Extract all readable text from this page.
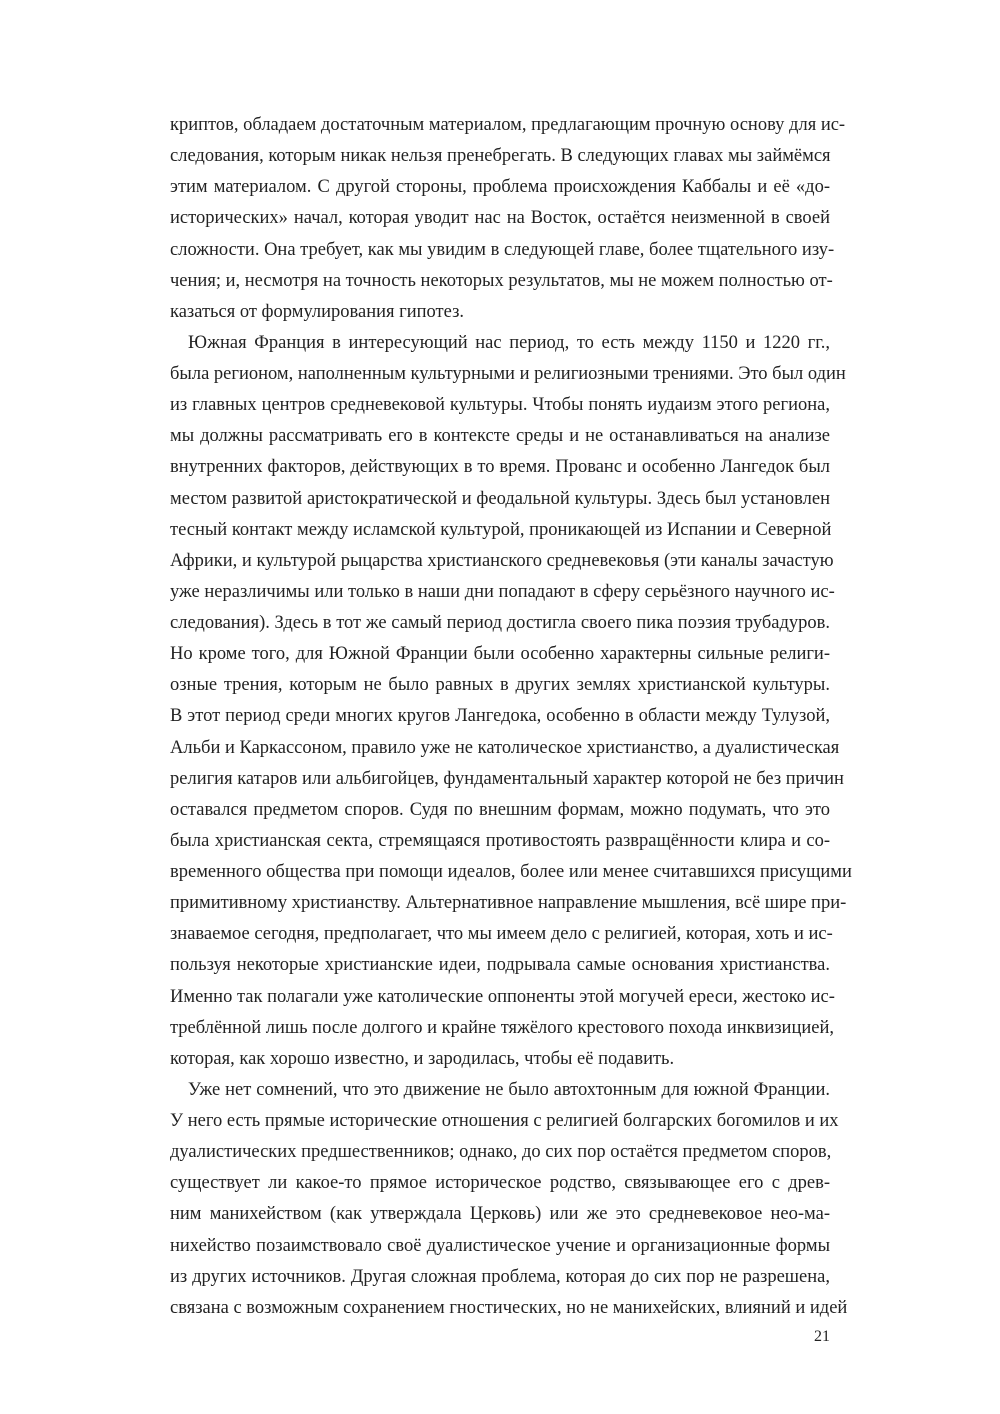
криптов, обладаем достаточным материалом, предлагающим прочную основу для ис-
следования, которым никак нельзя пренебрегать. В следующих главах мы займёмся
этим материалом. С другой стороны, проблема происхождения Каббалы и её «до-
исторических» начал, которая уводит нас на Восток, остаётся неизменной в своей
сложности. Она требует, как мы увидим в следующей главе, более тщательного изу-
чения; и, несмотря на точность некоторых результатов, мы не можем полностью от-
казаться от формулирования гипотез.
Южная Франция в интересующий нас период, то есть между 1150 и 1220 гг.,
была регионом, наполненным культурными и религиозными трениями. Это был один
из главных центров средневековой культуры. Чтобы понять иудаизм этого региона,
мы должны рассматривать его в контексте среды и не останавливаться на анализе
внутренних факторов, действующих в то время. Прованс и особенно Лангедок был
местом развитой аристократической и феодальной культуры. Здесь был установлен
тесный контакт между исламской культурой, проникающей из Испании и Северной
Африки, и культурой рыцарства христианского средневековья (эти каналы зачастую
уже неразличимы или только в наши дни попадают в сферу серьёзного научного ис-
следования). Здесь в тот же самый период достигла своего пика поэзия трубадуров.
Но кроме того, для Южной Франции были особенно характерны сильные религи-
озные трения, которым не было равных в других землях христианской культуры.
В этот период среди многих кругов Лангедока, особенно в области между Тулузой,
Альби и Каркассоном, правило уже не католическое христианство, а дуалистическая
религия катаров или альбигойцев, фундаментальный характер которой не без причин
оставался предметом споров. Судя по внешним формам, можно подумать, что это
была христианская секта, стремящаяся противостоять развращённости клира и со-
временного общества при помощи идеалов, более или менее считавшихся присущими
примитивному христианству. Альтернативное направление мышления, всё шире при-
знаваемое сегодня, предполагает, что мы имеем дело с религией, которая, хоть и ис-
пользуя некоторые христианские идеи, подрывала самые основания христианства.
Именно так полагали уже католические оппоненты этой могучей ереси, жестоко ис-
треблённой лишь после долгого и крайне тяжёлого крестового похода инквизицией,
которая, как хорошо известно, и зародилась, чтобы её подавить.
Уже нет сомнений, что это движение не было автохтонным для южной Франции.
У него есть прямые исторические отношения с религией болгарских богомилов и их
дуалистических предшественников; однако, до сих пор остаётся предметом споров,
существует ли какое-то прямое историческое родство, связывающее его с древ-
ним манихейством (как утверждала Церковь) или же это средневековое нео-ма-
нихейство позаимствовало своё дуалистическое учение и организационные формы
из других источников. Другая сложная проблема, которая до сих пор не разрешена,
связана с возможным сохранением гностических, но не манихейских, влияний и идей
21
